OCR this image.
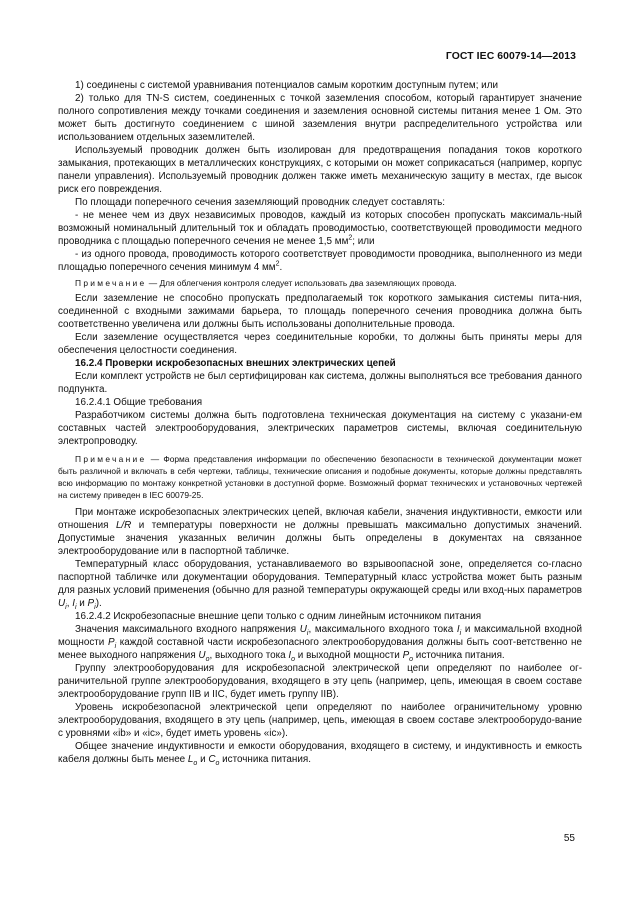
ГОСТ IEC 60079-14—2013

1) соединены с системой уравнивания потенциалов самым коротким доступным путем; или

2) только для TN-S систем, соединенных с точкой заземления способом, который гарантирует значение полного сопротивления между точками соединения и заземления основной системы питания менее 1 Ом. Это может быть достигнуто соединением с шиной заземления внутри распределительного устройства или использованием отдельных заземлителей.

Используемый проводник должен быть изолирован для предотвращения попадания токов короткого замыкания, протекающих в металлических конструкциях, с которыми он может соприкасаться (например, корпус панели управления). Используемый проводник должен также иметь механическую защиту в местах, где высок риск его повреждения.

По площади поперечного сечения заземляющий проводник следует составлять:

- не менее чем из двух независимых проводов, каждый из которых способен пропускать максималь-ный возможный номинальный длительный ток и обладать проводимостью, соответствующей проводимости медного проводника с площадью поперечного сечения не менее 1,5 $мм^2$; или

- из одного провода, проводимость которого соответствует проводимости проводника, выполненного из меди площадью поперечного сечения минимум 4 $мм^2$.

Примечание — Для облегчения контроля следует использовать два заземляющих провода.

Если заземление не способно пропускать предполагаемый ток короткого замыкания системы пита-ния, соединенной с входными зажимами барьера, то площадь поперечного сечения проводника должна быть соответственно увеличена или должны быть использованы дополнительные провода.

Если заземление осуществляется через соединительные коробки, то должны быть приняты меры для обеспечения целостности соединения.

16.2.4 Проверки искробезопасных внешних электрических цепей

Если комплект устройств не был сертифицирован как система, должны выполняться все требования данного подпункта.

16.2.4.1 Общие требования

Разработчиком системы должна быть подготовлена техническая документация на систему с указани-ем составных частей электрооборудования, электрических параметров системы, включая соединительную электропроводку.

Примечание — Форма представления информации по обеспечению безопасности в технической документации может быть различной и включать в себя чертежи, таблицы, технические описания и подобные документы, которые должны представлять всю информацию по монтажу конкретной установки в доступной форме. Возможный формат технических и установочных чертежей на систему приведен в IEC 60079-25.

При монтаже искробезопасных электрических цепей, включая кабели, значения индуктивности, емкости или отношения L/R и температуры поверхности не должны превышать максимально допустимых значений. Допустимые значения указанных величин должны быть определены в документах на связанное электрооборудование или в паспортной табличке.

Температурный класс оборудования, устанавливаемого во взрывоопасной зоне, определяется со-гласно паспортной табличке или документации оборудования. Температурный класс устройства может быть разным для разных условий применения (обычно для разной температуры окружающей среды или вход-ных параметров $U_i$, $I_i$ и $P_i$).

16.2.4.2 Искробезопасные внешние цепи только с одним линейным источником питания

Значения максимального входного напряжения $U_i$, максимального входного тока $I_i$ и максимальной входной мощности $P_i$ каждой составной части искробезопасного электрооборудования должны быть соот-ветственно не менее выходного напряжения $U_o$, выходного тока $I_o$ и выходной мощности $P_o$ источника питания.

Группу электрооборудования для искробезопасной электрической цепи определяют по наиболее ог-раничительной группе электрооборудования, входящего в эту цепь (например, цепь, имеющая в своем составе электрооборудование групп IIB и IIC, будет иметь группу IIB).

Уровень искробезопасной электрической цепи определяют по наиболее ограничительному уровню электрооборудования, входящего в эту цепь (например, цепь, имеющая в своем составе электрооборудо-вание с уровнями «ib» и «ic», будет иметь уровень «ic»).

Общее значение индуктивности и емкости оборудования, входящего в систему, и индуктивность и емкость кабеля должны быть менее $L_o$ и $C_o$ источника питания.

55
